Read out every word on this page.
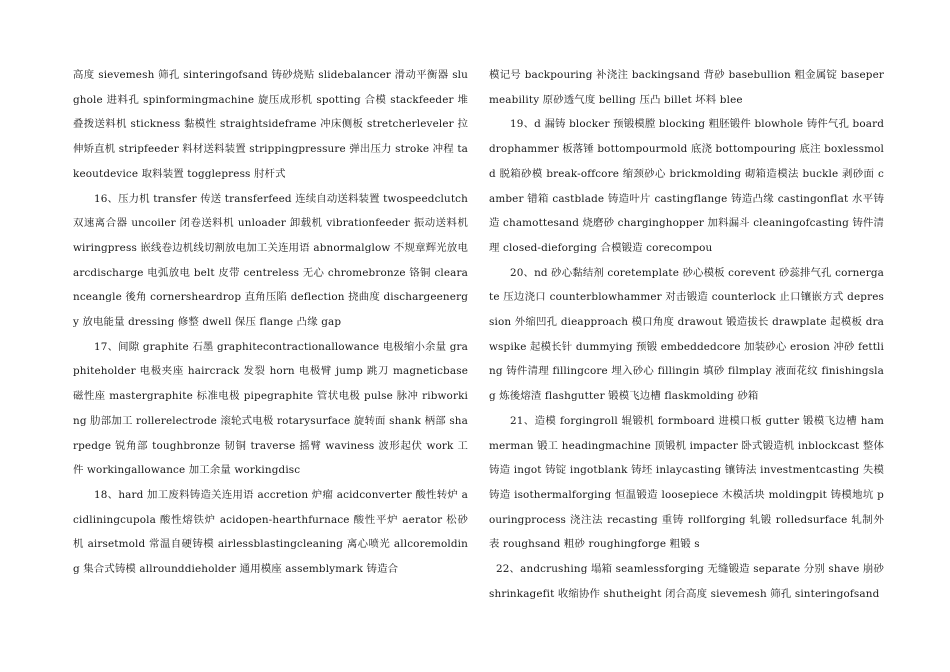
高度 sievemesh 筛孔 sinteringofsand 铸砂烧贴 slidebalancer 滑动平衡器 slughole 进料孔 spinformingmachine 旋压成形机 spotting 合模 stackfeeder 堆叠拨送料机 stickness 黏模性 straightsideframe 冲床侧板 stretcherleveler 拉伸矫直机 stripfeeder 料材送料装置 strippingpressure 弹出压力 stroke 冲程 takeoutdevice 取料装置 togglepress 肘杆式

16、压力机 transfer 传送 transferfeed 连续自动送料装置 twospeedclutch 双速离合器 uncoiler 闭卷送料机 unloader 卸载机 vibrationfeeder 振动送料机 wiringpress 嵌线卷边机线切割放电加工关连用语 abnormalglow 不规章辉光放电 arcdischarge 电弧放电 belt 皮带 centreless 无心 chromebronze 铬铜 clearanceangle 後角 cornersheardrop 直角压陷 deflection 挠曲度 dischargeenergy 放电能量 dressing 修整 dwell 保压 flange 凸缘 gap

17、间隙 graphite 石墨 graphitecontractionallowance 电极缩小余量 graphiteholder 电极夹座 haircrack 发裂 horn 电极臂 jump 跳刀 magneticbase 磁性座 mastergraphite 标准电极 pipegraphite 管状电极 pulse 脉冲 ribworking 肋部加工 rollerelectrode 滚轮式电极 rotarysurface 旋转面 shank 柄部 sharpedge 锐角部 toughbronze 韧铜 traverse 摇臂 waviness 波形起伏 work 工件 workingallowance 加工余量 workingdisc

18、hard 加工废料铸造关连用语 accretion 炉瘤 acidconverter 酸性转炉 acidliningcupola 酸性熔铁炉 acidopen-hearthfurnace 酸性平炉 aerator 松砂机 airsetmold 常温自硬铸模 airlessblastingcleaning 离心喷光 allcoremolding 集合式铸模 allrounddieholder 通用模座 assemblymark 铸造合

模记号 backpouring 补浇注 backingsand 背砂 basebullion 粗金属锭 basepermeability 原砂透气度 belling 压凸 billet 坏料 blee

19、d 漏铸 blocker 预锻模膛 blocking 粗胚锻件 blowhole 铸件气孔 boarddrophammer 板落锤 bottompourmold 底浇 bottompouring 底注 boxlessmold 脱箱砂模 break-offcore 缩颈砂心 brickmolding 砌箱造模法 buckle 剥砂面 camber 错箱 castblade 铸造叶片 castingflange 铸造凸缘 castingonflat 水平铸造 chamottesand 烧磨砂 charginghopper 加料漏斗 cleaningofcasting 铸件清理 closed-dieforging 合模锻造 corecompou

20、nd 砂心黏结剂 coretemplate 砂心模板 corevent 砂蕊排气孔 cornergate 压边浇口 counterblowhammer 对击锻造 counterlock 止口镶嵌方式 depression 外缩凹孔 dieapproach 模口角度 drawout 锻造拔长 drawplate 起模板 drawspike 起模长针 dummying 预锻 embeddedcore 加装砂心 erosion 冲砂 fettling 铸件清理 fillingcore 埋入砂心 fillingin 填砂 filmplay 液面花纹 finishingslag 炼後熔渣 flashgutter 锻模飞边槽 flaskmolding 砂箱

21、造模 forgingroll 辊锻机 formboard 进模口板 gutter 锻模飞边槽 hammerman 锻工 headingmachine 顶锻机 impacter 卧式锻造机 inblockcast 整体铸造 ingot 铸锭 ingotblank 铸坯 inlaycasting 镶铸法 investmentcasting 失模铸造 isothermalforging 恒温锻造 loosepiece 木模活块 moldingpit 铸模地坑 pouringprocess 浇注法 recasting 重铸 rollforging 轧锻 rolledsurface 轧制外表 roughsand 粗砂 roughingforge 粗锻 s

22、andcrushing 塌箱 seamlessforging 无缝锻造 separate 分别 shave 崩砂 shrinkagefit 收缩协作 shutheight 闭合高度 sievemesh 筛孔 sinteringofsand
